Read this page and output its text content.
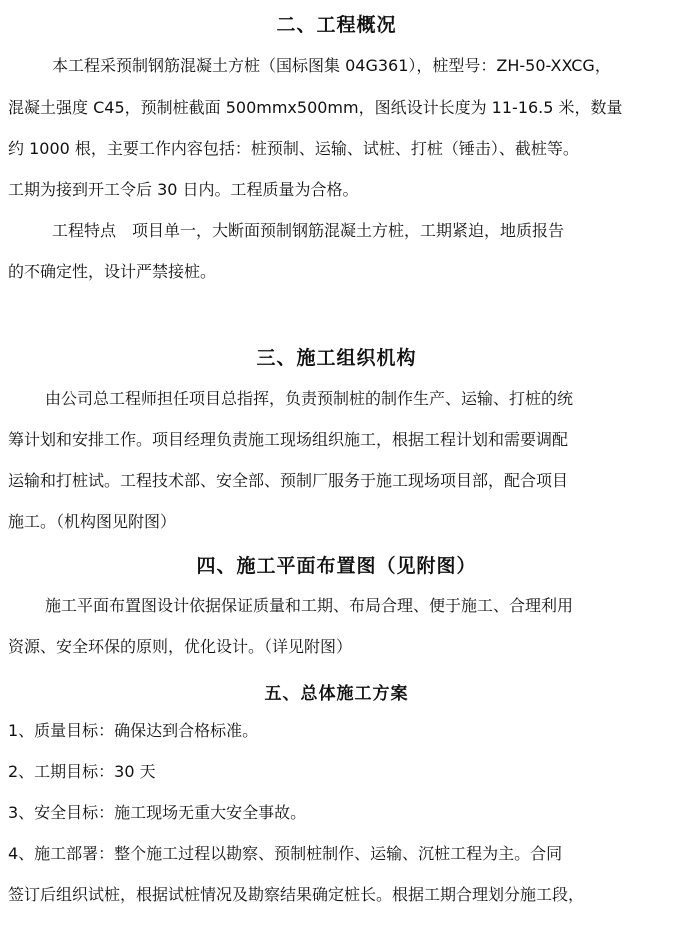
二、工程概况

本工程采预制钢筋混凝土方桩（国标图集 04G361），桩型号：ZH-50-XXCG，

混凝土强度 C45，预制桩截面 500mmx500mm，图纸设计长度为 11-16.5 米，数量

约 1000 根，主要工作内容包括：桩预制、运输、试桩、打桩（锤击）、截桩等。

工期为接到开工令后 30 日内。工程质量为合格。

工程特点　项目单一，大断面预制钢筋混凝土方桩，工期紧迫，地质报告

的不确定性，设计严禁接桩。

三、施工组织机构

由公司总工程师担任项目总指挥，负责预制桩的制作生产、运输、打桩的统

筹计划和安排工作。项目经理负责施工现场组织施工，根据工程计划和需要调配

运输和打桩试。工程技术部、安全部、预制厂服务于施工现场项目部，配合项目

施工。（机构图见附图）

四、施工平面布置图（见附图）

施工平面布置图设计依据保证质量和工期、布局合理、便于施工、合理利用

资源、安全环保的原则，优化设计。（详见附图）

五、总体施工方案

1、质量目标：确保达到合格标准。

2、工期目标：30 天

3、安全目标：施工现场无重大安全事故。

4、施工部署：整个施工过程以勘察、预制桩制作、运输、沉桩工程为主。合同

签订后组织试桩，根据试桩情况及勘察结果确定桩长。根据工期合理划分施工段，
